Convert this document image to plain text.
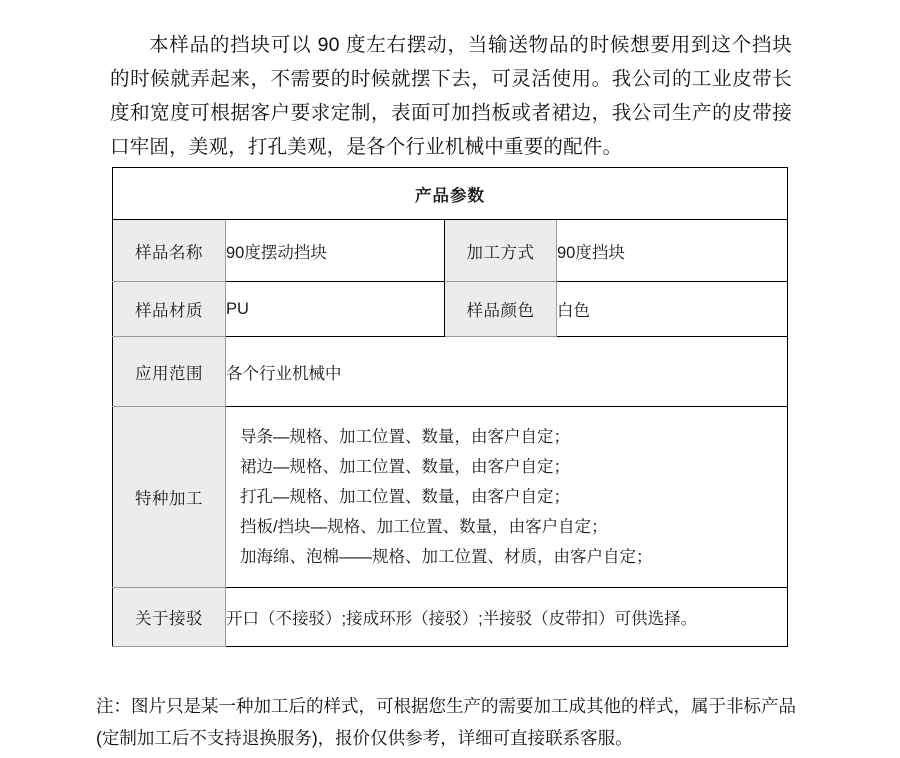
本样品的挡块可以 90 度左右摆动，当输送物品的时候想要用到这个挡块的时候就弄起来，不需要的时候就摆下去，可灵活使用。我公司的工业皮带长度和宽度可根据客户要求定制，表面可加挡板或者裙边，我公司生产的皮带接口牢固，美观，打孔美观，是各个行业机械中重要的配件。

产品参数			
样品名称	90度摆动挡块	加工方式	90度挡块
样品材质	PU	样品颜色	白色
应用范围	各个行业机械中		
特种加工	导条—规格、加工位置、数量，由客户自定；
裙边—规格、加工位置、数量，由客户自定；
打孔—规格、加工位置、数量，由客户自定；
挡板/挡块—规格、加工位置、数量，由客户自定；
加海绵、泡棉——规格、加工位置、材质，由客户自定；		

关于接驳	开口（不接驳）;接成环形（接驳）;半接驳（皮带扣）可供选择。		

注：图片只是某一种加工后的样式，可根据您生产的需要加工成其他的样式，属于非标产品(定制加工后不支持退换服务)，报价仅供参考，详细可直接联系客服。
